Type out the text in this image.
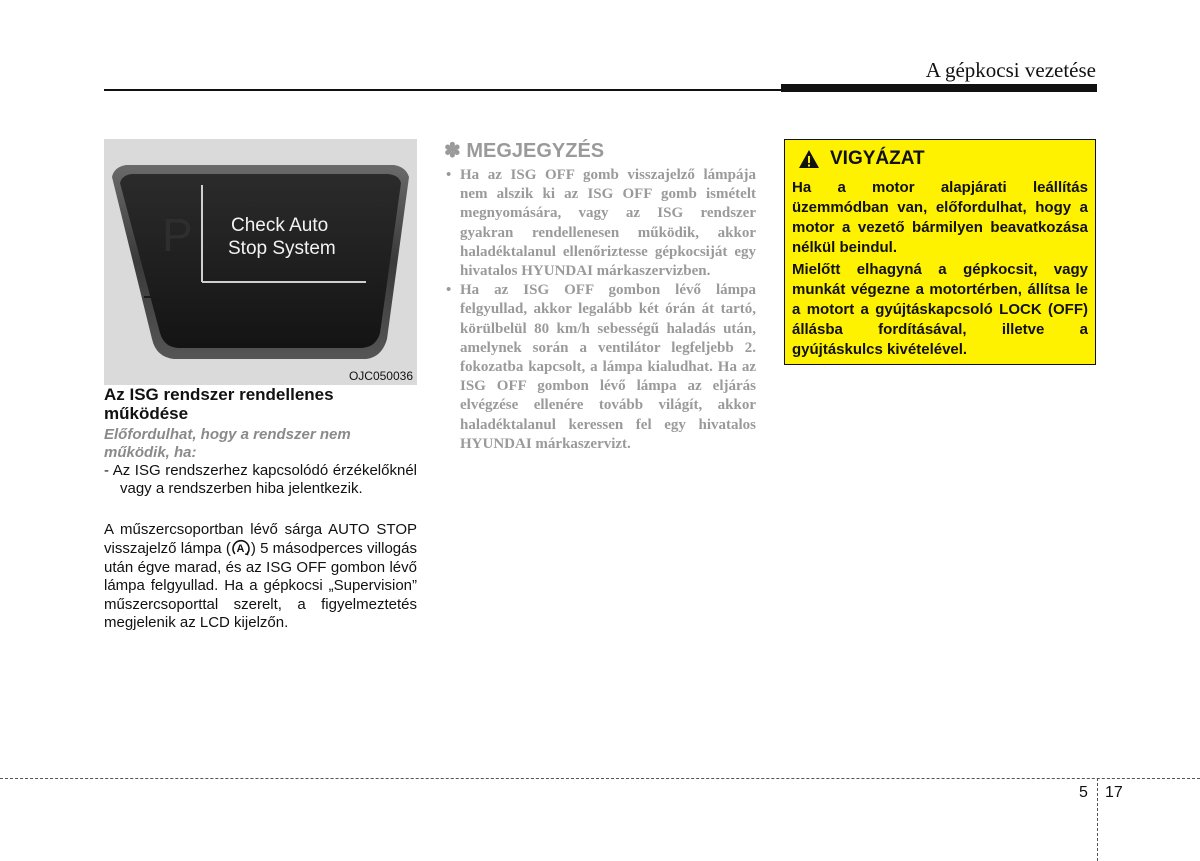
A gépkocsi vezetése
P Check Auto
Stop System
OJC050036
Az ISG rendszer rendellenes működése
Előfordulhat, hogy a rendszer nem működik, ha:
- Az ISG rendszerhez kapcsolódó érzékelőknél vagy a rendszerben hiba jelentkezik.

A műszercsoportban lévő sárga AUTO STOP visszajelző lámpa ( A ) 5 másodperces villogás után égve marad, és az ISG OFF gombon lévő lámpa felgyullad. Ha a gépkocsi „Supervision” műszercsoporttal szerelt, a figyelmeztetés megjelenik az LCD kijelzőn.

✽ MEGJEGYZÉS
• Ha az ISG OFF gomb visszajelző lámpája nem alszik ki az ISG OFF gomb ismételt megnyomására, vagy az ISG rendszer gyakran rendellenesen működik, akkor haladéktalanul ellenőriztesse gépkocsiját egy hivatalos HYUNDAI márkaszervizben.
• Ha az ISG OFF gombon lévő lámpa felgyullad, akkor legalább két órán át tartó, körülbelül 80 km/h sebességű haladás után, amelynek során a ventilátor legfeljebb 2. fokozatba kapcsolt, a lámpa kialudhat. Ha az ISG OFF gombon lévő lámpa az eljárás elvégzése ellenére tovább világít, akkor haladéktalanul keressen fel egy hivatalos HYUNDAI márkaszervizt.
VIGYÁZAT

Ha a motor alapjárati leállítás üzemmódban van, előfordulhat, hogy a motor a vezető bármilyen beavatkozása nélkül beindul.

Mielőtt elhagyná a gépkocsit, vagy munkát végezne a motortérben, állítsa le a motort a gyújtáskapcsoló LOCK (OFF) állásba fordításával, illetve a gyújtáskulcs kivételével.

5 17
